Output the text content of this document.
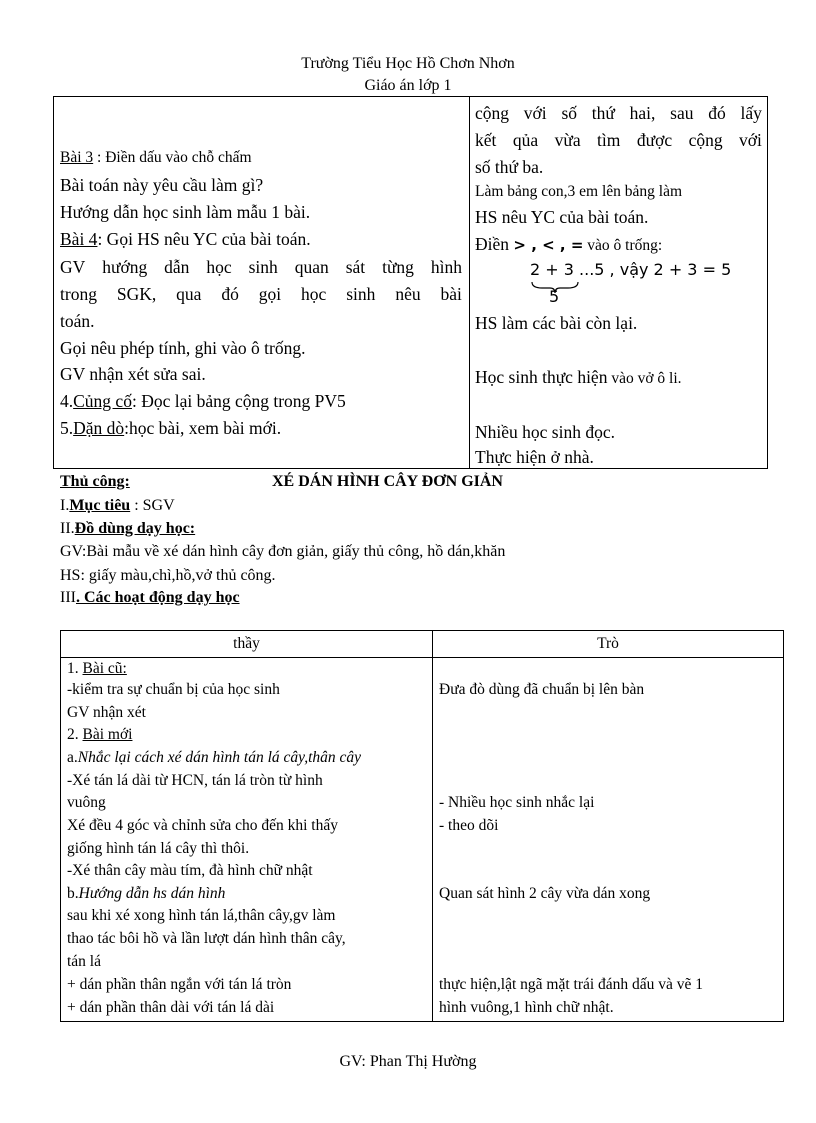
Trường Tiểu Học Hồ Chơn Nhơn
Giáo án lớp 1
Bài 3 : Điền dấu vào chỗ chấm
Bài toán này yêu cầu làm gì?
Hướng dẫn học sinh làm mẫu 1 bài.
Bài 4: Gọi HS nêu YC của bài toán.
GV hướng dẫn học sinh quan sát từng hình
trong SGK, qua đó gọi học sinh nêu bài
toán.
Gọi nêu phép tính, ghi vào ô trống.
GV nhận xét sửa sai.
4.Củng cố: Đọc lại bảng cộng trong PV5
5.Dặn dò:học bài, xem bài mới.
cộng với số thứ hai, sau đó lấy
kết qủa vừa tìm được cộng với
số thứ ba.
Làm bảng con,3 em lên bảng làm
HS nêu YC của bài toán.
Điền > , < , = vào ô trống:
2 + 3 ...5 , vậy 2 + 3 = 5
5
HS làm các bài còn lại.
Học sinh thực hiện vào vở ô li.
Nhiều học sinh đọc.
Thực hiện ở nhà.
Thủ công:	XÉ DÁN HÌNH CÂY ĐƠN GIẢN
I.Mục tiêu : SGV
II.Đồ dùng dạy học:
GV:Bài mẫu về xé dán hình cây đơn giản, giấy thủ công, hồ dán,khăn
HS: giấy màu,chì,hồ,vở thủ công.
III. Các hoạt động dạy học
thầy	Trò
1. Bài cũ:
-kiểm tra sự chuẩn bị của học sinh
GV nhận xét
2. Bài mới
a.Nhắc lại cách xé dán hình tán lá cây,thân cây
-Xé tán lá dài từ HCN, tán lá tròn từ hình
vuông
Xé đều 4 góc và chỉnh sửa cho đến khi thấy
giống hình tán lá cây thì thôi.
-Xé thân cây màu tím, đà hình chữ nhật
b.Hướng dẫn hs dán hình
sau khi xé xong hình tán lá,thân cây,gv làm
thao tác bôi hồ và lần lượt dán hình thân cây,
tán lá
+ dán phần thân ngắn với tán lá tròn
+ dán phần thân dài với tán lá dài
Đưa đò dùng đã chuẩn bị lên bàn
- Nhiều học sinh nhắc lại
- theo dõi
Quan sát hình 2 cây vừa dán xong
thực hiện,lật ngã mặt trái đánh dấu và vẽ 1
hình vuông,1 hình chữ nhật.
GV: Phan Thị Hường
